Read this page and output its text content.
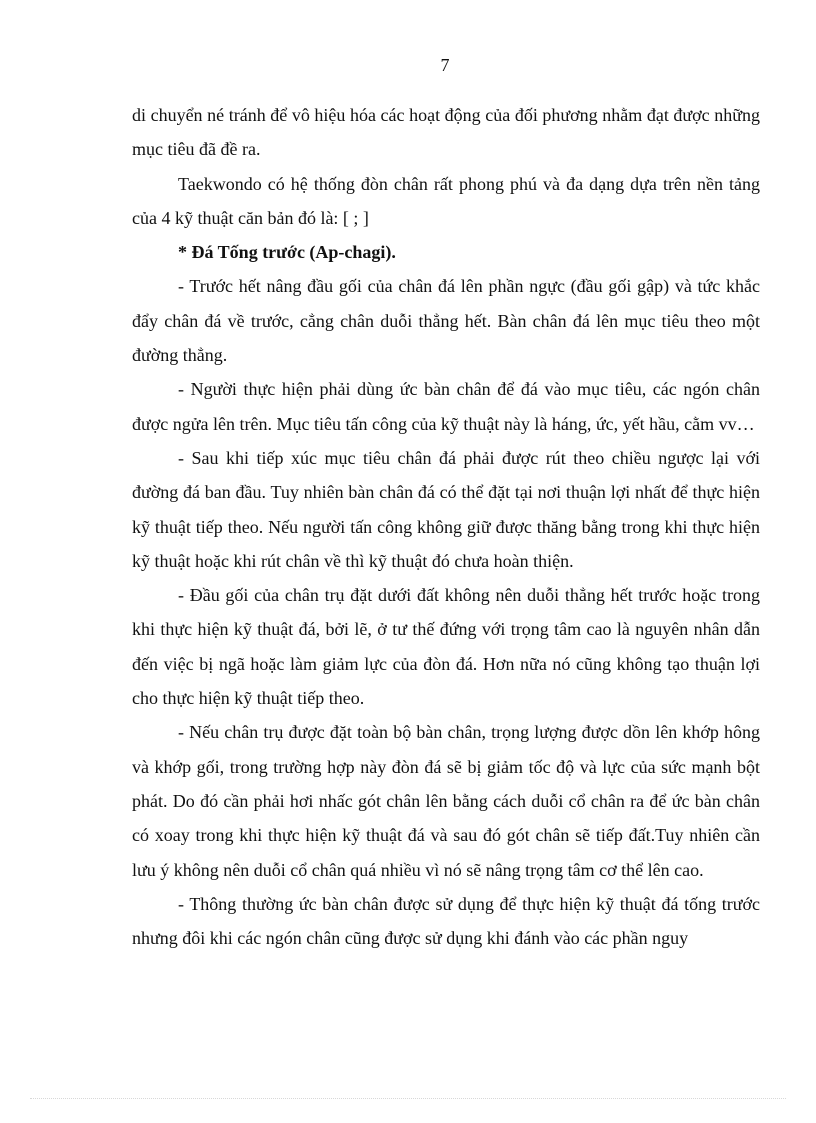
7

di chuyển né tránh để vô hiệu hóa các hoạt động của đối phương nhằm đạt được những mục tiêu đã đề ra.

Taekwondo có hệ thống đòn chân rất phong phú và đa dạng dựa trên nền tảng của 4 kỹ thuật căn bản đó là: [ ; ]

* Đá Tống trước (Ap-chagi).

- Trước hết nâng đầu gối của chân đá lên phần ngực (đầu gối gập) và tức khắc đẩy chân đá về trước, cẳng chân duỗi thẳng hết. Bàn chân đá lên mục tiêu theo một đường thẳng.

- Người thực hiện phải dùng ức bàn chân để đá vào mục tiêu, các ngón chân được ngửa lên trên. Mục tiêu tấn công của kỹ thuật này là háng, ức, yết hầu, cằm vv…

- Sau khi tiếp xúc mục tiêu chân đá phải được rút theo chiều ngược lại với đường đá ban đầu. Tuy nhiên bàn chân đá có thể đặt tại nơi thuận lợi nhất để thực hiện kỹ thuật tiếp theo. Nếu người tấn công không giữ được thăng bằng trong khi thực hiện kỹ thuật hoặc khi rút chân về thì kỹ thuật đó chưa hoàn thiện.

- Đầu gối của chân trụ đặt dưới đất không nên duỗi thẳng hết trước hoặc trong khi thực hiện kỹ thuật đá, bởi lẽ, ở tư thế đứng với trọng tâm cao là nguyên nhân dẫn đến việc bị ngã hoặc làm giảm lực của đòn đá. Hơn nữa nó cũng không tạo thuận lợi cho thực hiện kỹ thuật tiếp theo.

- Nếu chân trụ được đặt toàn bộ bàn chân, trọng lượng được dồn lên khớp hông và khớp gối, trong trường hợp này đòn đá sẽ bị giảm tốc độ và lực của sức mạnh bột phát. Do đó cần phải hơi nhấc gót chân lên bằng cách duỗi cổ chân ra để ức bàn chân có xoay trong khi thực hiện kỹ thuật đá và sau đó gót chân sẽ tiếp đất.Tuy nhiên cần lưu ý không nên duỗi cổ chân quá nhiều vì nó sẽ nâng trọng tâm cơ thể lên cao.

- Thông thường ức bàn chân được sử dụng để thực hiện kỹ thuật đá tống trước nhưng đôi khi các ngón chân cũng được sử dụng khi đánh vào các phần nguy
